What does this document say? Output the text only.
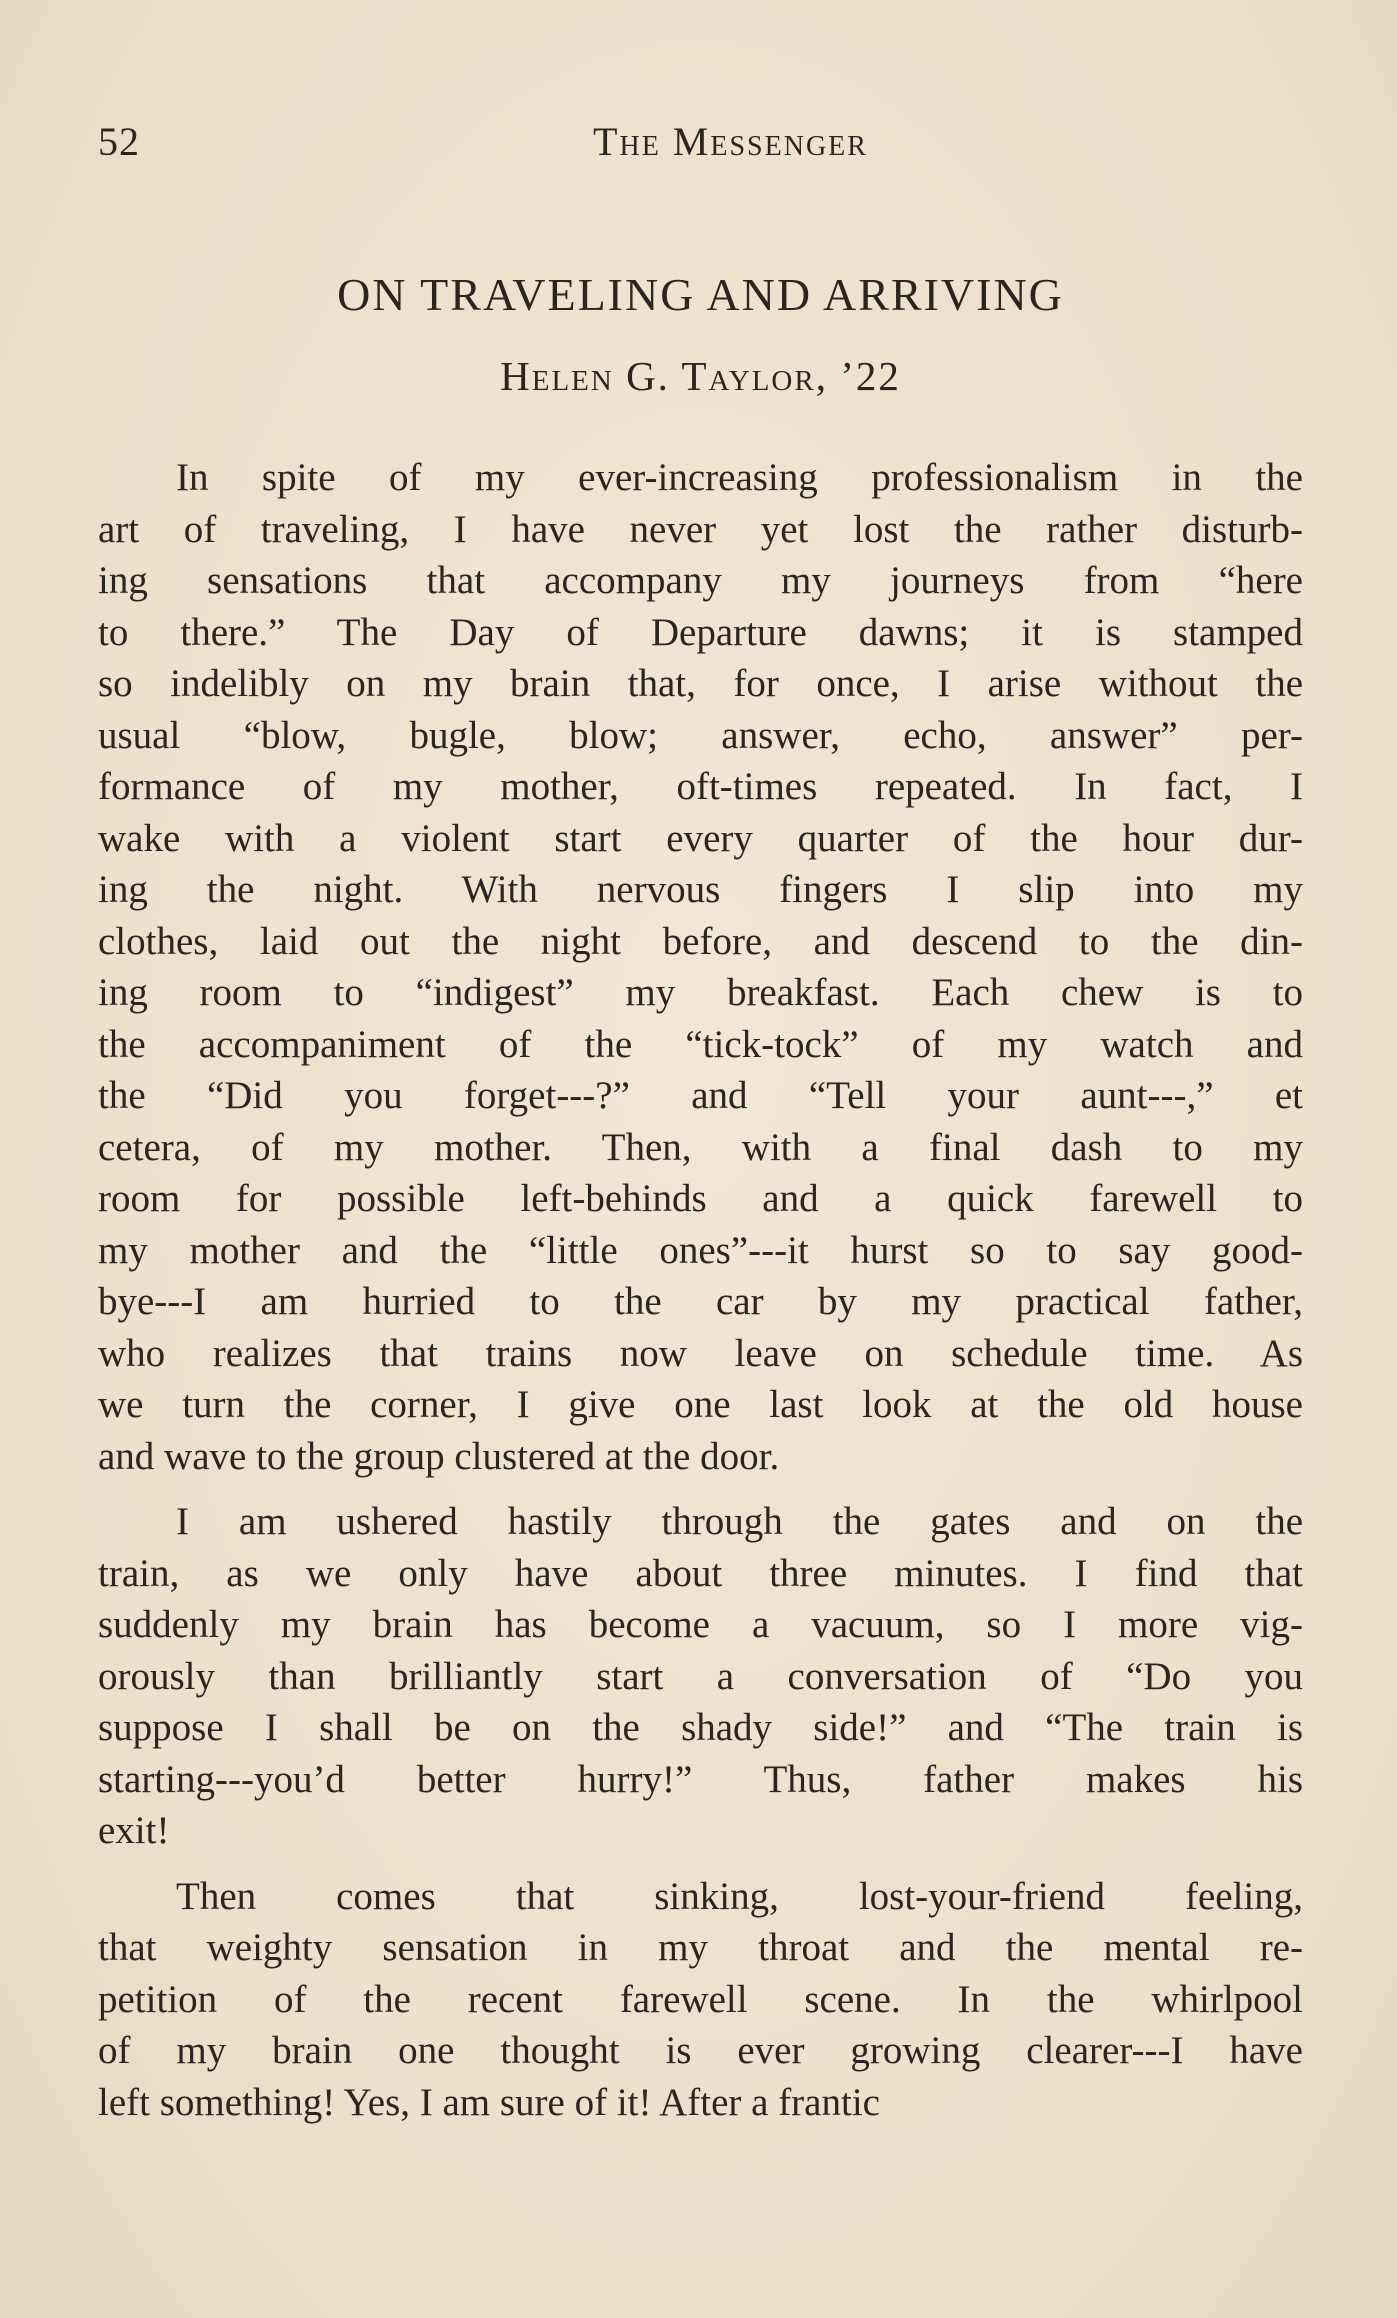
52	The Messenger
ON TRAVELING AND ARRIVING
Helen G. Taylor, ’22
In spite of my ever-increasing professionalism in the
art of traveling, I have never yet lost the rather disturb-
ing sensations that accompany my journeys from “here
to there.” The Day of Departure dawns; it is stamped
so indelibly on my brain that, for once, I arise without the
usual “blow, bugle, blow; answer, echo, answer” per-
formance of my mother, oft-times repeated. In fact, I
wake with a violent start every quarter of the hour dur-
ing the night. With nervous fingers I slip into my
clothes, laid out the night before, and descend to the din-
ing room to “indigest” my breakfast. Each chew is to
the accompaniment of the “tick-tock” of my watch and
the “Did you forget---?” and “Tell your aunt---,” et
cetera, of my mother. Then, with a final dash to my
room for possible left-behinds and a quick farewell to
my mother and the “little ones”---it hurst so to say good-
bye---I am hurried to the car by my practical father,
who realizes that trains now leave on schedule time. As
we turn the corner, I give one last look at the old house
and wave to the group clustered at the door.
I am ushered hastily through the gates and on the
train, as we only have about three minutes. I find that
suddenly my brain has become a vacuum, so I more vig-
orously than brilliantly start a conversation of “Do you
suppose I shall be on the shady side!” and “The train is
starting---you’d better hurry!” Thus, father makes his
exit!
Then comes that sinking, lost-your-friend feeling,
that weighty sensation in my throat and the mental re-
petition of the recent farewell scene. In the whirlpool
of my brain one thought is ever growing clearer---I have
left something! Yes, I am sure of it! After a frantic
